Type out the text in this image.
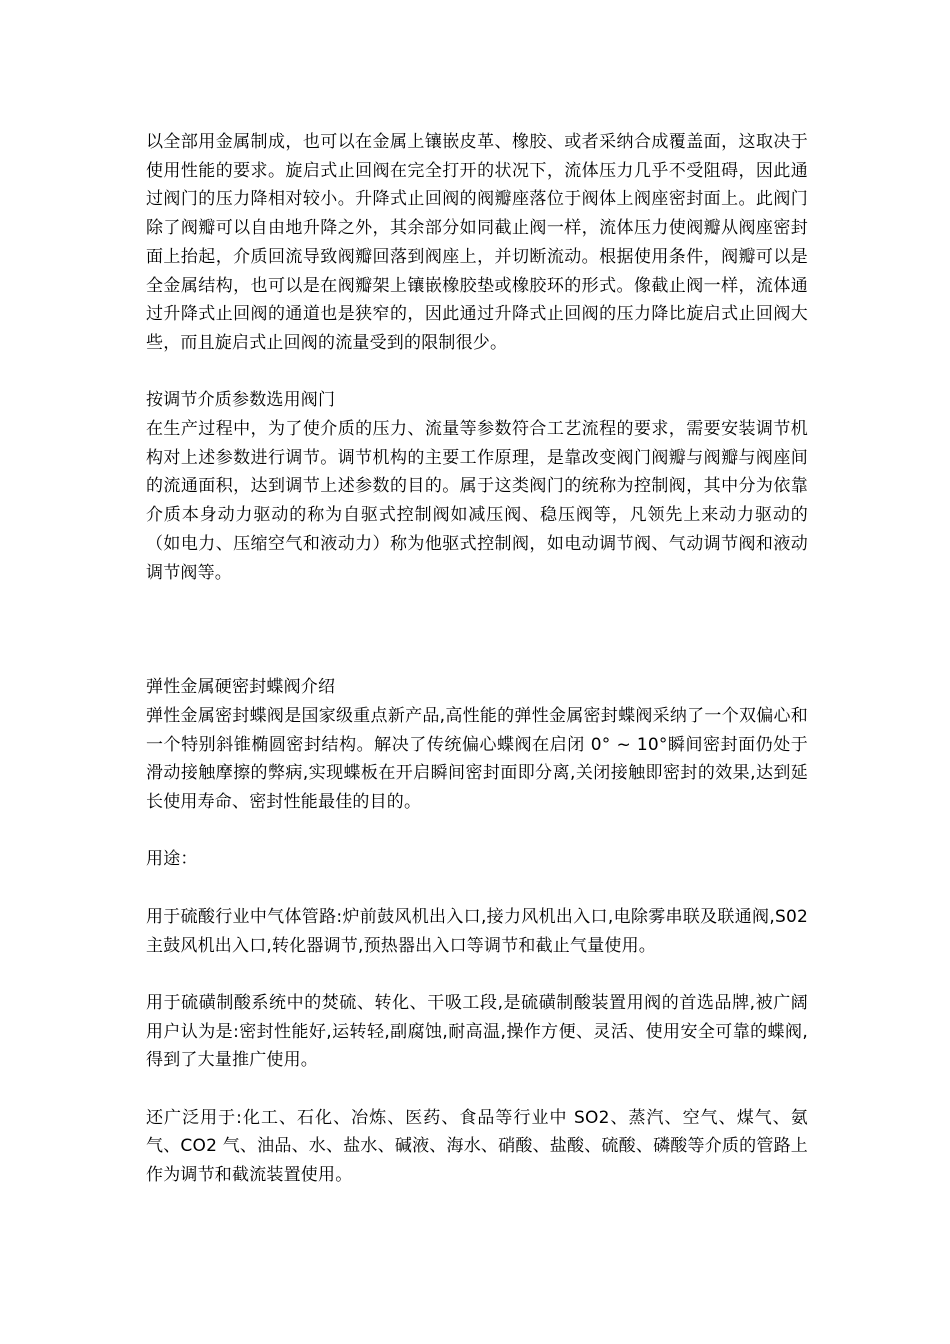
以全部用金属制成，也可以在金属上镶嵌皮革、橡胶、或者采纳合成覆盖面，这取决于使用性能的要求。旋启式止回阀在完全打开的状况下，流体压力几乎不受阻碍，因此通过阀门的压力降相对较小。升降式止回阀的阀瓣座落位于阀体上阀座密封面上。此阀门除了阀瓣可以自由地升降之外，其余部分如同截止阀一样，流体压力使阀瓣从阀座密封面上抬起，介质回流导致阀瓣回落到阀座上，并切断流动。根据使用条件，阀瓣可以是全金属结构，也可以是在阀瓣架上镶嵌橡胶垫或橡胶环的形式。像截止阀一样，流体通过升降式止回阀的通道也是狭窄的，因此通过升降式止回阀的压力降比旋启式止回阀大些，而且旋启式止回阀的流量受到的限制很少。

按调节介质参数选用阀门

在生产过程中，为了使介质的压力、流量等参数符合工艺流程的要求，需要安装调节机构对上述参数进行调节。调节机构的主要工作原理，是靠改变阀门阀瓣与阀瓣与阀座间的流通面积，达到调节上述参数的目的。属于这类阀门的统称为控制阀，其中分为依靠介质本身动力驱动的称为自驱式控制阀如减压阀、稳压阀等，凡领先上来动力驱动的（如电力、压缩空气和液动力）称为他驱式控制阀，如电动调节阀、气动调节阀和液动调节阀等。

弹性金属硬密封蝶阀介绍

弹性金属密封蝶阀是国家级重点新产品,高性能的弹性金属密封蝶阀采纳了一个双偏心和一个特别斜锥椭圆密封结构。解决了传统偏心蝶阀在启闭 0° ~ 10°瞬间密封面仍处于滑动接触摩擦的弊病,实现蝶板在开启瞬间密封面即分离,关闭接触即密封的效果,达到延长使用寿命、密封性能最佳的目的。

用途：

用于硫酸行业中气体管路:炉前鼓风机出入口,接力风机出入口,电除雾串联及联通阀,S02 主鼓风机出入口,转化器调节,预热器出入口等调节和截止气量使用。

用于硫磺制酸系统中的焚硫、转化、干吸工段,是硫磺制酸装置用阀的首选品牌,被广阔用户认为是:密封性能好,运转轻,副腐蚀,耐高温,操作方便、灵活、使用安全可靠的蝶阀,得到了大量推广使用。

还广泛用于:化工、石化、冶炼、医药、食品等行业中 SO2、蒸汽、空气、煤气、氨气、CO2 气、油品、水、盐水、碱液、海水、硝酸、盐酸、硫酸、磷酸等介质的管路上作为调节和截流装置使用。
